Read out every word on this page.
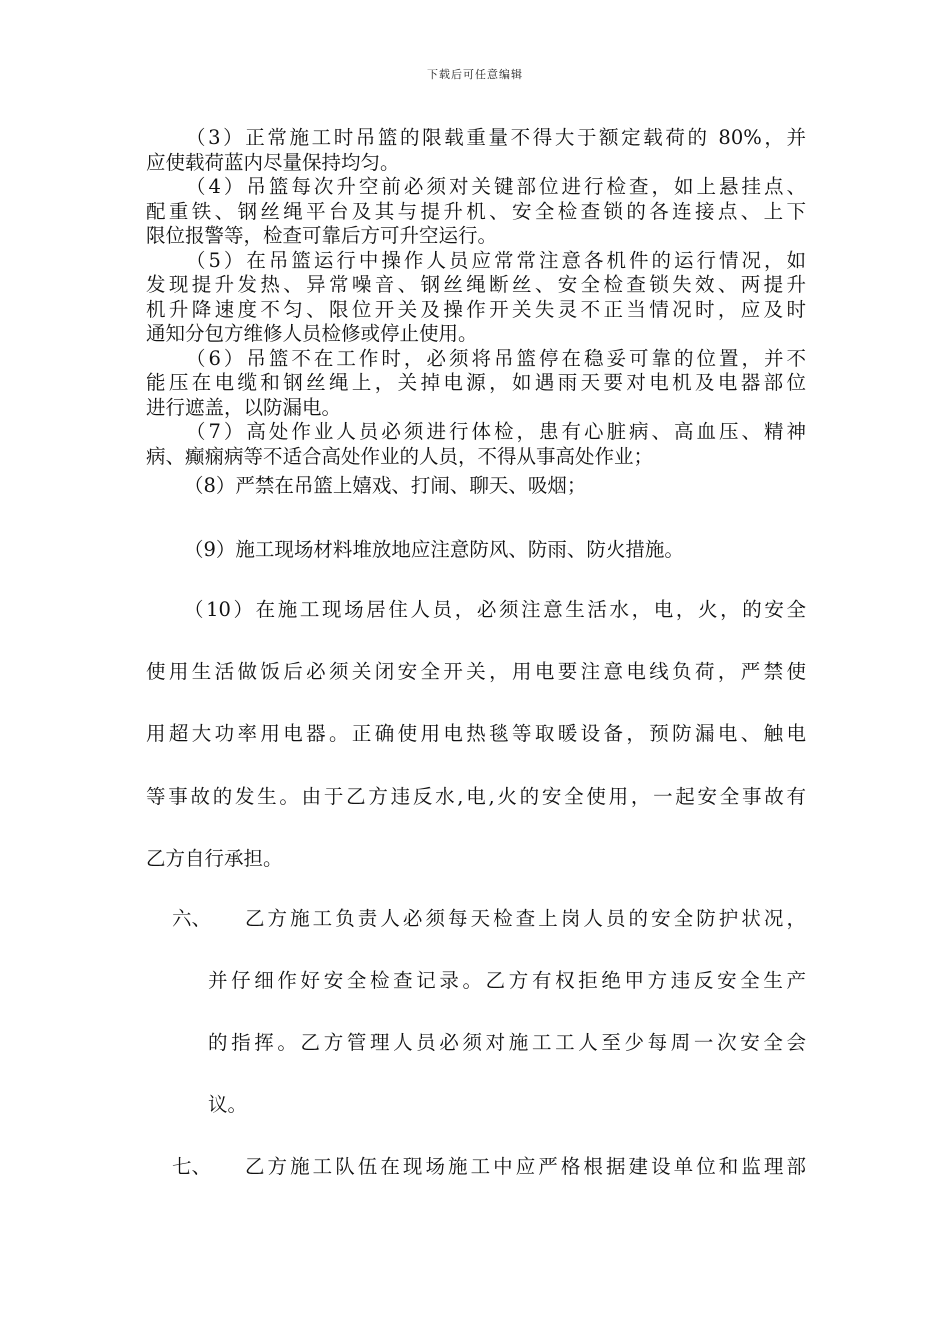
下载后可任意编辑
（3）正常施工时吊篮的限载重量不得大于额定载荷的 80%，并
应使载荷蓝内尽量保持均匀。
（4）吊篮每次升空前必须对关键部位进行检查，如上悬挂点、
配重铁、钢丝绳平台及其与提升机、安全检查锁的各连接点、上下
限位报警等，检查可靠后方可升空运行。
（5）在吊篮运行中操作人员应常常注意各机件的运行情况，如
发现提升发热、异常噪音、钢丝绳断丝、安全检查锁失效、两提升
机升降速度不匀、限位开关及操作开关失灵不正当情况时，应及时
通知分包方维修人员检修或停止使用。
（6）吊篮不在工作时，必须将吊篮停在稳妥可靠的位置，并不
能压在电缆和钢丝绳上，关掉电源，如遇雨天要对电机及电器部位
进行遮盖，以防漏电。
（7）高处作业人员必须进行体检，患有心脏病、高血压、精神
病、癫痫病等不适合高处作业的人员，不得从事高处作业；
（8）严禁在吊篮上嬉戏、打闹、聊天、吸烟；
（9）施工现场材料堆放地应注意防风、防雨、防火措施。
（10）在施工现场居住人员，必须注意生活水，电，火，的安全
使用生活做饭后必须关闭安全开关，用电要注意电线负荷，严禁使
用超大功率用电器。正确使用电热毯等取暖设备，预防漏电、触电
等事故的发生。由于乙方违反水,电,火的安全使用，一起安全事故有
乙方自行承担。
六、 乙方施工负责人必须每天检查上岗人员的安全防护状况，
并仔细作好安全检查记录。乙方有权拒绝甲方违反安全生产
的指挥。乙方管理人员必须对施工工人至少每周一次安全会
议。
七、 乙方施工队伍在现场施工中应严格根据建设单位和监理部
